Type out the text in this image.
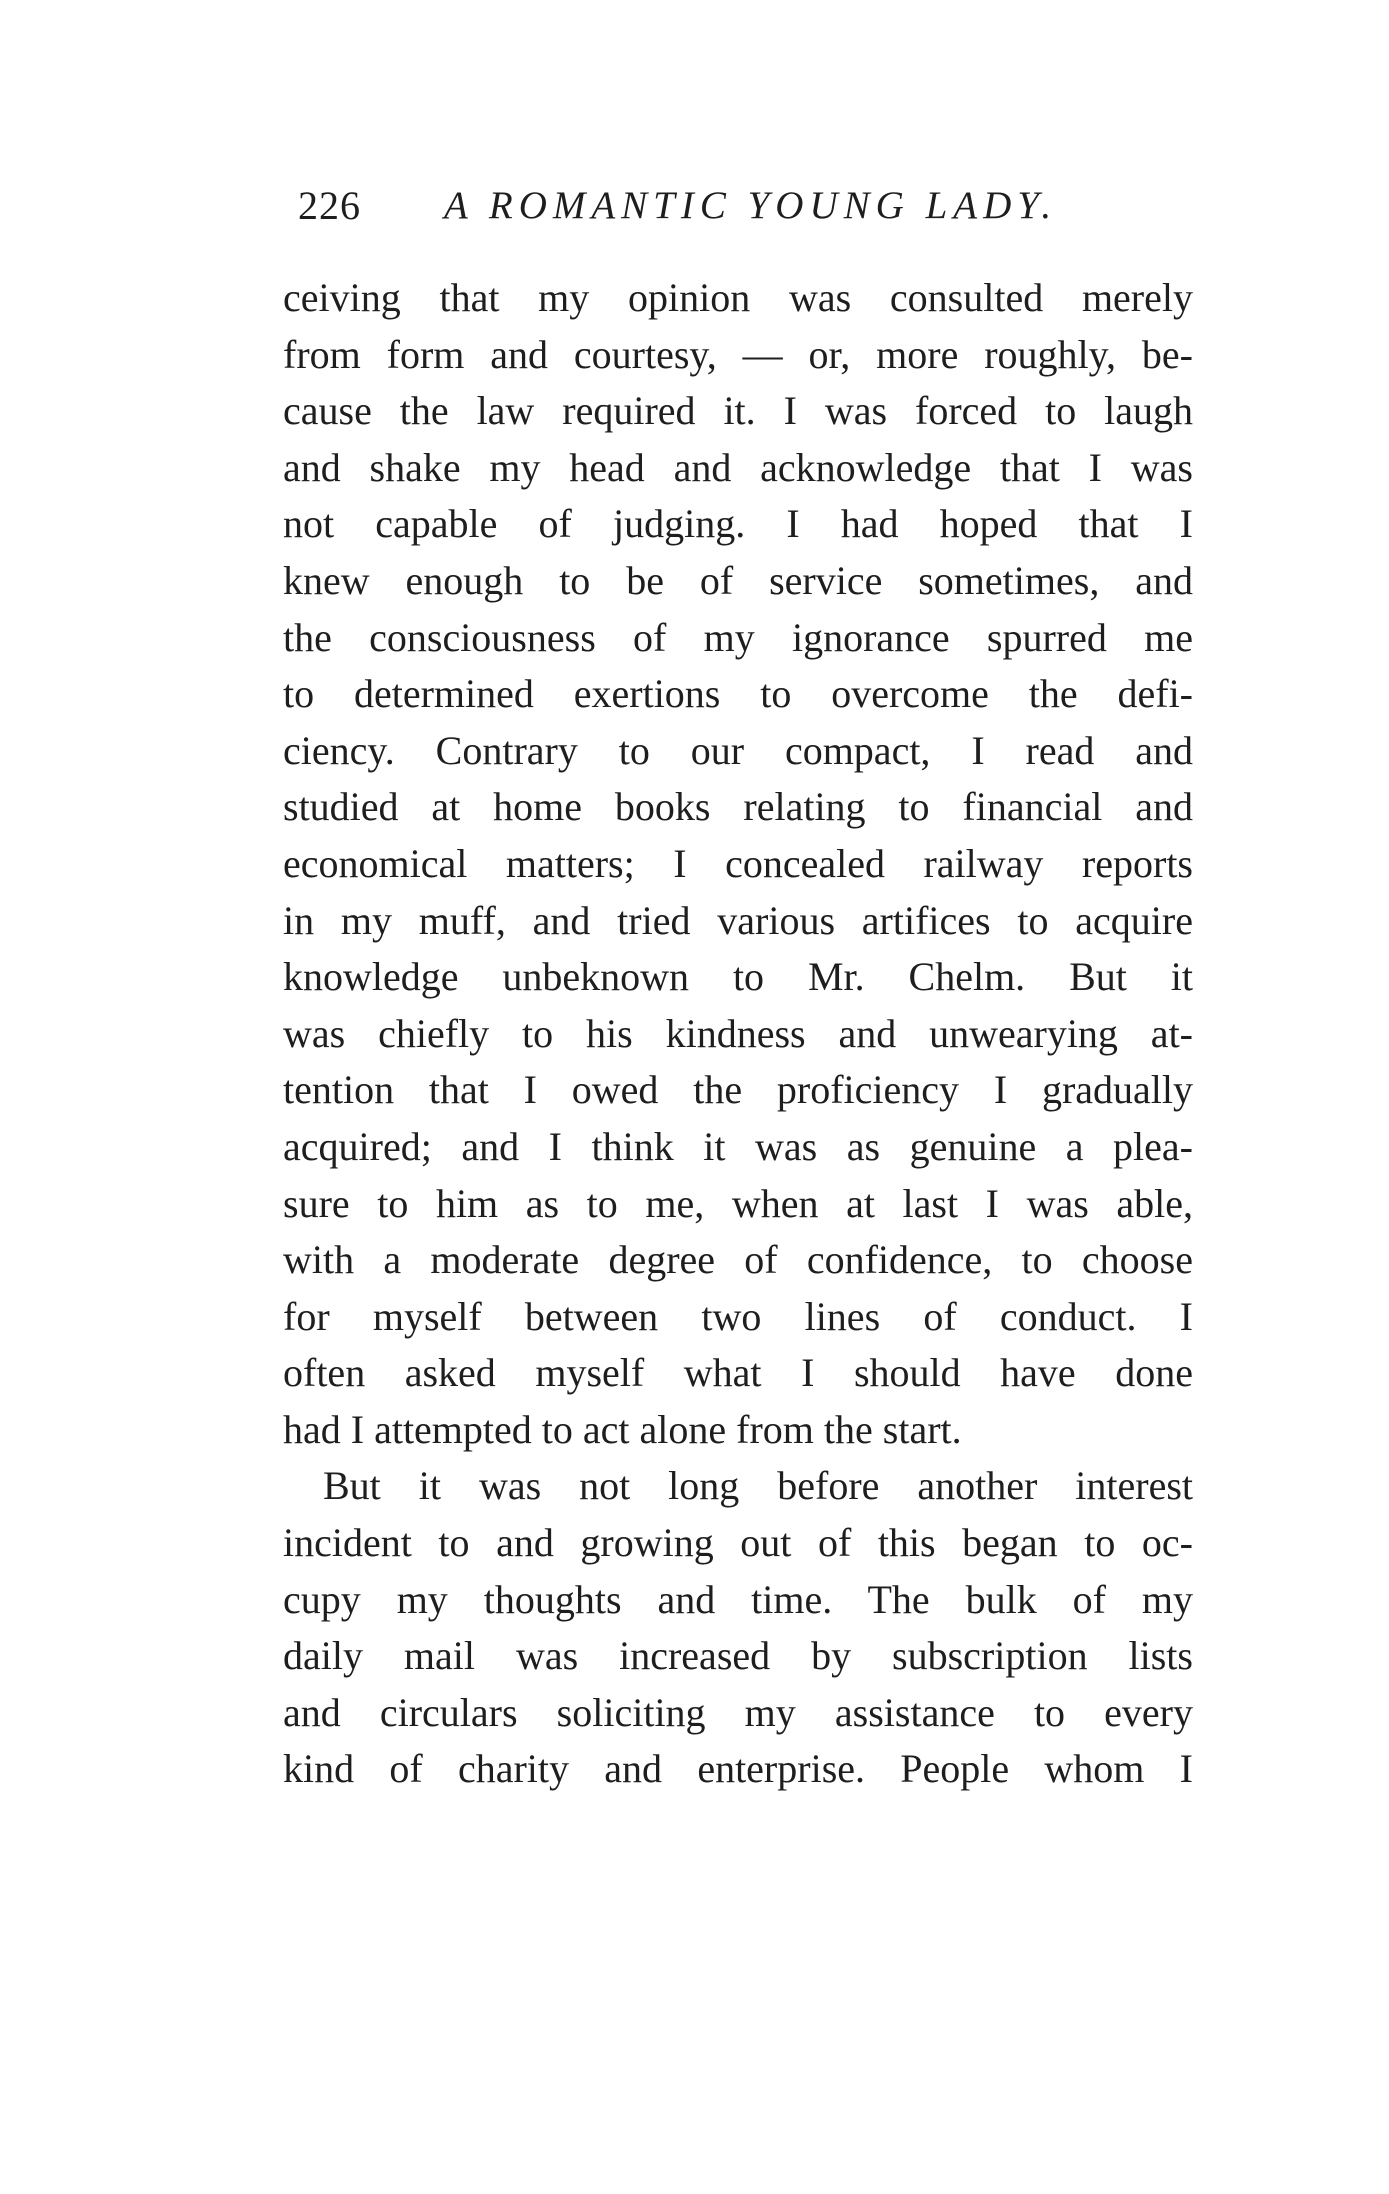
226 A ROMANTIC YOUNG LADY.
ceiving that my opinion was consulted merely
from form and courtesy, — or, more roughly, be-
cause the law required it. I was forced to laugh
and shake my head and acknowledge that I was
not capable of judging. I had hoped that I
knew enough to be of service sometimes, and
the consciousness of my ignorance spurred me
to determined exertions to overcome the defi-
ciency. Contrary to our compact, I read and
studied at home books relating to financial and
economical matters; I concealed railway reports
in my muff, and tried various artifices to acquire
knowledge unbeknown to Mr. Chelm. But it
was chiefly to his kindness and unwearying at-
tention that I owed the proficiency I gradually
acquired; and I think it was as genuine a plea-
sure to him as to me, when at last I was able,
with a moderate degree of confidence, to choose
for myself between two lines of conduct. I
often asked myself what I should have done
had I attempted to act alone from the start.
But it was not long before another interest
incident to and growing out of this began to oc-
cupy my thoughts and time. The bulk of my
daily mail was increased by subscription lists
and circulars soliciting my assistance to every
kind of charity and enterprise. People whom I
